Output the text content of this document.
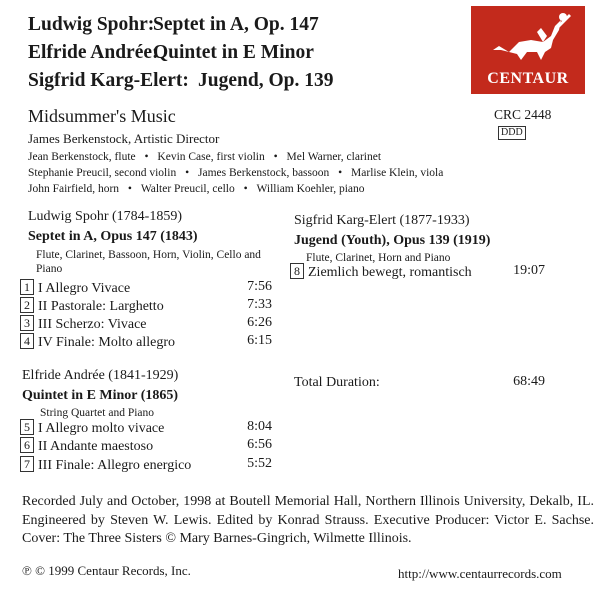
Ludwig Spohr:Septet in A, Op. 147
Elfride Andrée:Quintet in E Minor
Sigfrid Karg-Elert: Jugend, Op. 139	CENTAUR
Midsummer's Music
James Berkenstock, Artistic Director
Jean Berkenstock, flute • Kevin Case, first violin • Mel Warner, clarinet
Stephanie Preucil, second violin • James Berkenstock, bassoon • Marlise Klein, viola
John Fairfield, horn • Walter Preucil, cello • William Koehler, piano
CRC 2448
DDD
Ludwig Spohr (1784-1859)
Septet in A, Opus 147 (1843)
Flute, Clarinet, Bassoon, Horn, Violin, Cello and Piano
1 I Allegro Vivace	7:56
2 II Pastorale: Larghetto	7:33
3 III Scherzo: Vivace	6:26
4 IV Finale: Molto allegro	6:15
Elfride Andrée (1841-1929)
Quintet in E Minor (1865)
String Quartet and Piano
5 I Allegro molto vivace	8:04
6 II Andante maestoso	6:56
7 III Finale: Allegro energico	5:52
Sigfrid Karg-Elert (1877-1933)
Jugend (Youth), Opus 139 (1919)
Flute, Clarinet, Horn and Piano
8 Ziemlich bewegt, romantisch	19:07
Total Duration:	68:49
Recorded July and October, 1998 at Boutell Memorial Hall, Northern Illinois University, Dekalb, IL. Engineered by Steven W. Lewis. Edited by Konrad Strauss. Executive Producer: Victor E. Sachse. Cover: The Three Sisters © Mary Barnes-Gingrich, Wilmette Illinois.
℗ © 1999 Centaur Records, Inc.	http://www.centaurrecords.com
